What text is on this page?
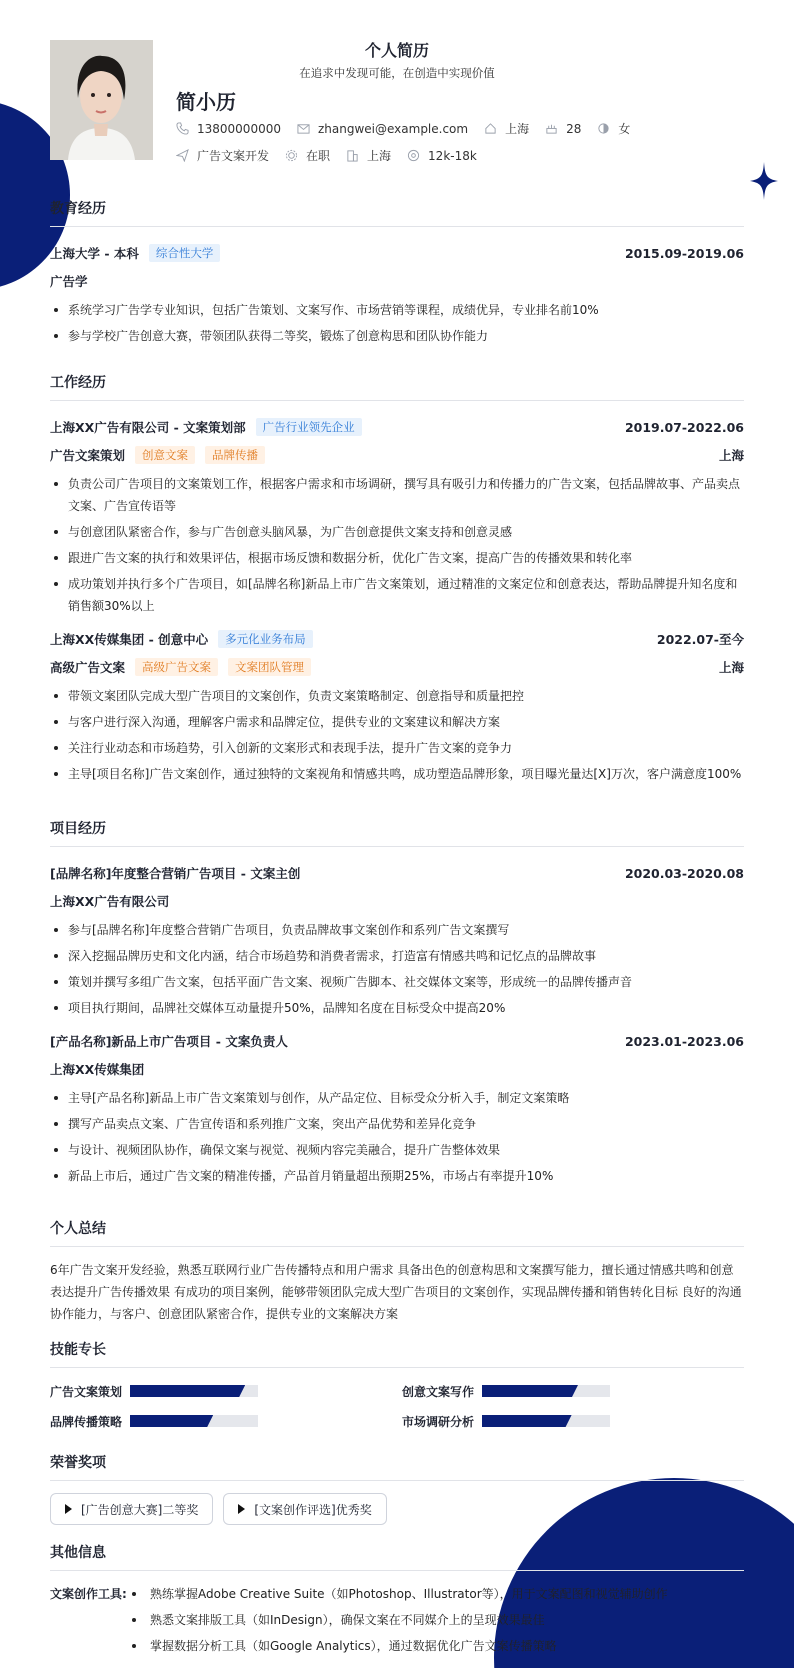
个人简历
在追求中发现可能，在创造中实现价值
简小历
13800000000	zhangwei@example.com	上海	28	女
广告文案开发	在职	上海	12k-18k
教育经历
上海大学 - 本科	综合性大学	2015.09-2019.06
广告学
系统学习广告学专业知识，包括广告策划、文案写作、市场营销等课程，成绩优异，专业排名前10%
参与学校广告创意大赛，带领团队获得二等奖，锻炼了创意构思和团队协作能力
工作经历
上海XX广告有限公司 - 文案策划部	广告行业领先企业	2019.07-2022.06
广告文案策划	创意文案	品牌传播	上海
负责公司广告项目的文案策划工作，根据客户需求和市场调研，撰写具有吸引力和传播力的广告文案，包括品牌故事、产品卖点文案、广告宣传语等
与创意团队紧密合作，参与广告创意头脑风暴，为广告创意提供文案支持和创意灵感
跟进广告文案的执行和效果评估，根据市场反馈和数据分析，优化广告文案，提高广告的传播效果和转化率
成功策划并执行多个广告项目，如[品牌名称]新品上市广告文案策划，通过精准的文案定位和创意表达，帮助品牌提升知名度和销售额30%以上
上海XX传媒集团 - 创意中心	多元化业务布局	2022.07-至今
高级广告文案	高级广告文案	文案团队管理	上海
带领文案团队完成大型广告项目的文案创作，负责文案策略制定、创意指导和质量把控
与客户进行深入沟通，理解客户需求和品牌定位，提供专业的文案建议和解决方案
关注行业动态和市场趋势，引入创新的文案形式和表现手法，提升广告文案的竞争力
主导[项目名称]广告文案创作，通过独特的文案视角和情感共鸣，成功塑造品牌形象，项目曝光量达[X]万次，客户满意度100%
项目经历
[品牌名称]年度整合营销广告项目 - 文案主创	2020.03-2020.08
上海XX广告有限公司
参与[品牌名称]年度整合营销广告项目，负责品牌故事文案创作和系列广告文案撰写
深入挖掘品牌历史和文化内涵，结合市场趋势和消费者需求，打造富有情感共鸣和记忆点的品牌故事
策划并撰写多组广告文案，包括平面广告文案、视频广告脚本、社交媒体文案等，形成统一的品牌传播声音
项目执行期间，品牌社交媒体互动量提升50%，品牌知名度在目标受众中提高20%
[产品名称]新品上市广告项目 - 文案负责人	2023.01-2023.06
上海XX传媒集团
主导[产品名称]新品上市广告文案策划与创作，从产品定位、目标受众分析入手，制定文案策略
撰写产品卖点文案、广告宣传语和系列推广文案，突出产品优势和差异化竞争
与设计、视频团队协作，确保文案与视觉、视频内容完美融合，提升广告整体效果
新品上市后，通过广告文案的精准传播，产品首月销量超出预期25%，市场占有率提升10%
个人总结
6年广告文案开发经验，熟悉互联网行业广告传播特点和用户需求 具备出色的创意构思和文案撰写能力，擅长通过情感共鸣和创意表达提升广告传播效果 有成功的项目案例，能够带领团队完成大型广告项目的文案创作，实现品牌传播和销售转化目标 良好的沟通协作能力，与客户、创意团队紧密合作，提供专业的文案解决方案
技能专长
广告文案策划	创意文案写作
品牌传播策略	市场调研分析
荣誉奖项
[广告创意大赛]二等奖	[文案创作评选]优秀奖
其他信息
文案创作工具:	熟练掌握Adobe Creative Suite（如Photoshop、Illustrator等），用于文案配图和视觉辅助创作
熟悉文案排版工具（如InDesign），确保文案在不同媒介上的呈现效果最佳
掌握数据分析工具（如Google Analytics），通过数据优化广告文案传播策略
